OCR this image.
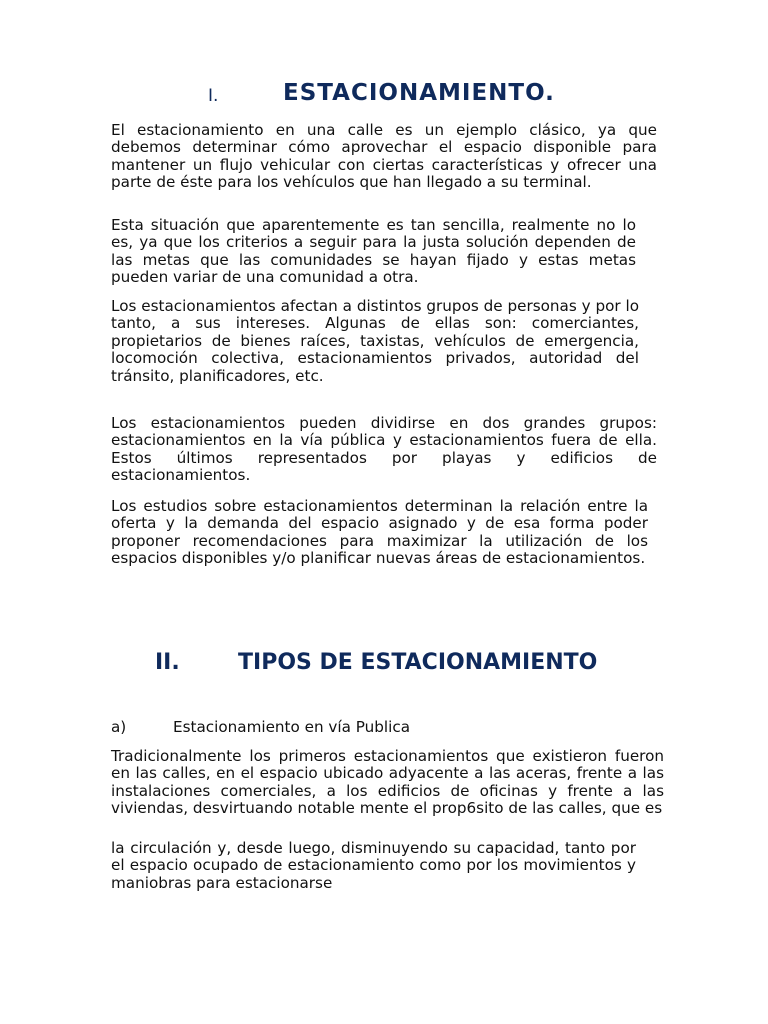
I.	ESTACIONAMIENTO.
El estacionamiento en una calle es un ejemplo clásico, ya que debemos determinar cómo aprovechar el espacio disponible para mantener un flujo vehicular con ciertas características y ofrecer una parte de éste para los vehículos que han llegado a su terminal.
Esta situación que aparentemente es tan sencilla, realmente no lo es, ya que los criterios a seguir para la justa solución dependen de las metas que las comunidades se hayan fijado y estas metas pueden variar de una comunidad a otra.
Los estacionamientos afectan a distintos grupos de personas y por lo tanto, a sus intereses. Algunas de ellas son: comerciantes, propietarios de bienes raíces, taxistas, vehículos de emergencia, locomoción colectiva, estacionamientos privados, autoridad del tránsito, planificadores, etc.
Los estacionamientos pueden dividirse en dos grandes grupos: estacionamientos en la vía pública y estacionamientos fuera de ella. Estos últimos representados por playas y edificios de estacionamientos.
Los estudios sobre estacionamientos determinan la relación entre la oferta y la demanda del espacio asignado y de esa forma poder proponer recomendaciones para maximizar la utilización de los espacios disponibles y/o planificar nuevas áreas de estacionamientos.
II.	TIPOS DE ESTACIONAMIENTO
a)	Estacionamiento en vía Publica
Tradicionalmente los primeros estacionamientos que existieron fueron en las calles, en el espacio ubicado adyacente a las aceras, frente a las instalaciones comerciales, a los edificios de oficinas y frente a las viviendas, desvirtuando notable mente el prop6sito de las calles, que es
la circulación y, desde luego, disminuyendo su capacidad, tanto por el espacio ocupado de estacionamiento como por los movimientos y maniobras para estacionarse
